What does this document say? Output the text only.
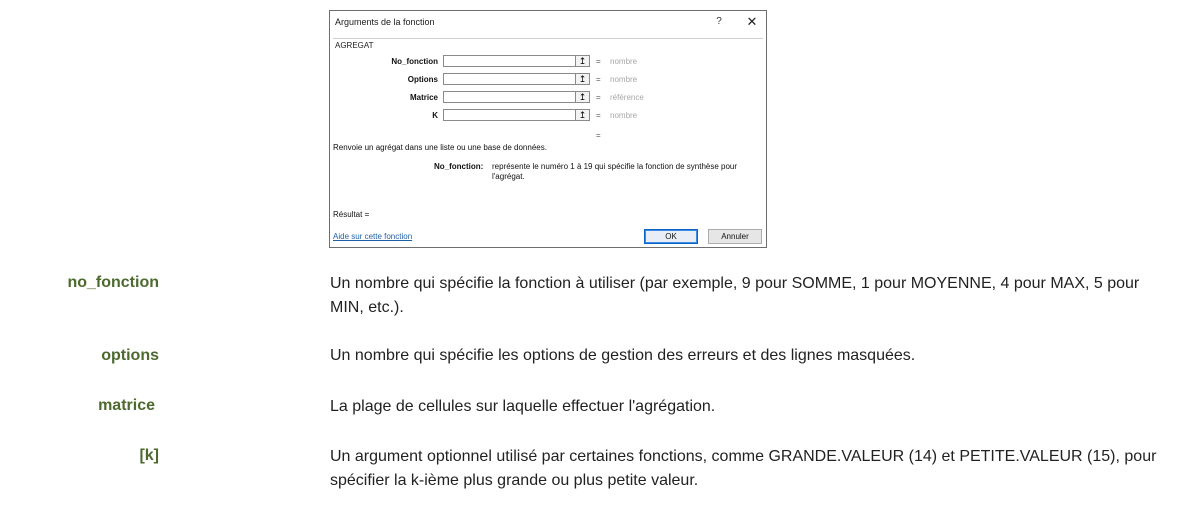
Arguments de la fonction	?	✕
AGREGAT
No_fonction	↥	= nombre
Options	↥	= nombre
Matrice	↥	= référence
K	↥	= nombre
=
Renvoie un agrégat dans une liste ou une base de données.
No_fonction: représente le numéro 1 à 19 qui spécifie la fonction de synthèse pour l'agrégat.
Résultat =
Aide sur cette fonction	OK	Annuler
no_fonction	Un nombre qui spécifie la fonction à utiliser (par exemple, 9 pour SOMME, 1 pour MOYENNE, 4 pour MAX, 5 pour MIN, etc.).
options	Un nombre qui spécifie les options de gestion des erreurs et des lignes masquées.
matrice	La plage de cellules sur laquelle effectuer l'agrégation.
[k]	Un argument optionnel utilisé par certaines fonctions, comme GRANDE.VALEUR (14) et PETITE.VALEUR (15), pour spécifier la k-ième plus grande ou plus petite valeur.
